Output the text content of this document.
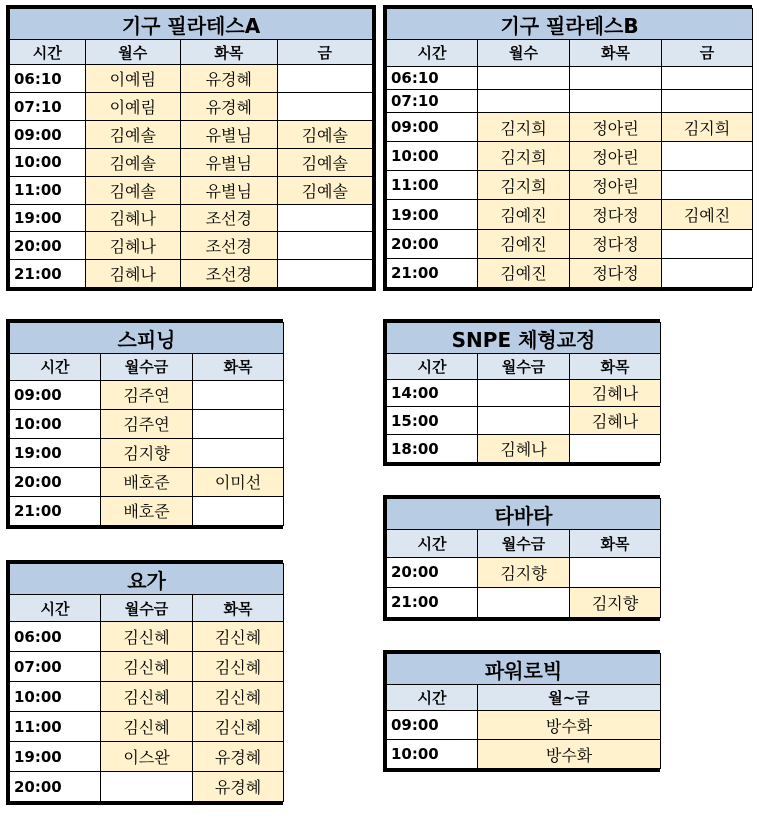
기구 필라테스A			
시간	월수	화목	금
06:10	이예림	유경혜	
07:10	이예림	유경혜	
09:00	김예솔	유별님	김예솔
10:00	김예솔	유별님	김예솔
11:00	김예솔	유별님	김예솔
19:00	김혜나	조선경	
20:00	김혜나	조선경	
21:00	김혜나	조선경	
기구 필라테스B			
시간	월수	화목	금
06:10			
07:10			
09:00	김지희	정아린	김지희
10:00	김지희	정아린	
11:00	김지희	정아린	
19:00	김예진	정다정	김예진
20:00	김예진	정다정	
21:00	김예진	정다정	
스피닝		
시간	월수금	화목
09:00	김주연	
10:00	김주연	
19:00	김지향	
20:00	배호준	이미선
21:00	배호준	
SNPE 체형교정		
시간	월수금	화목
14:00		김혜나
15:00		김혜나
18:00	김혜나	
타바타		
시간	월수금	화목
20:00	김지향	
21:00		김지향
요가		
시간	월수금	화목
06:00	김신혜	김신혜
07:00	김신혜	김신혜
10:00	김신혜	김신혜
11:00	김신혜	김신혜
19:00	이스완	유경혜
20:00		유경혜
파워로빅	
시간	월~금
09:00	방수화
10:00	방수화
